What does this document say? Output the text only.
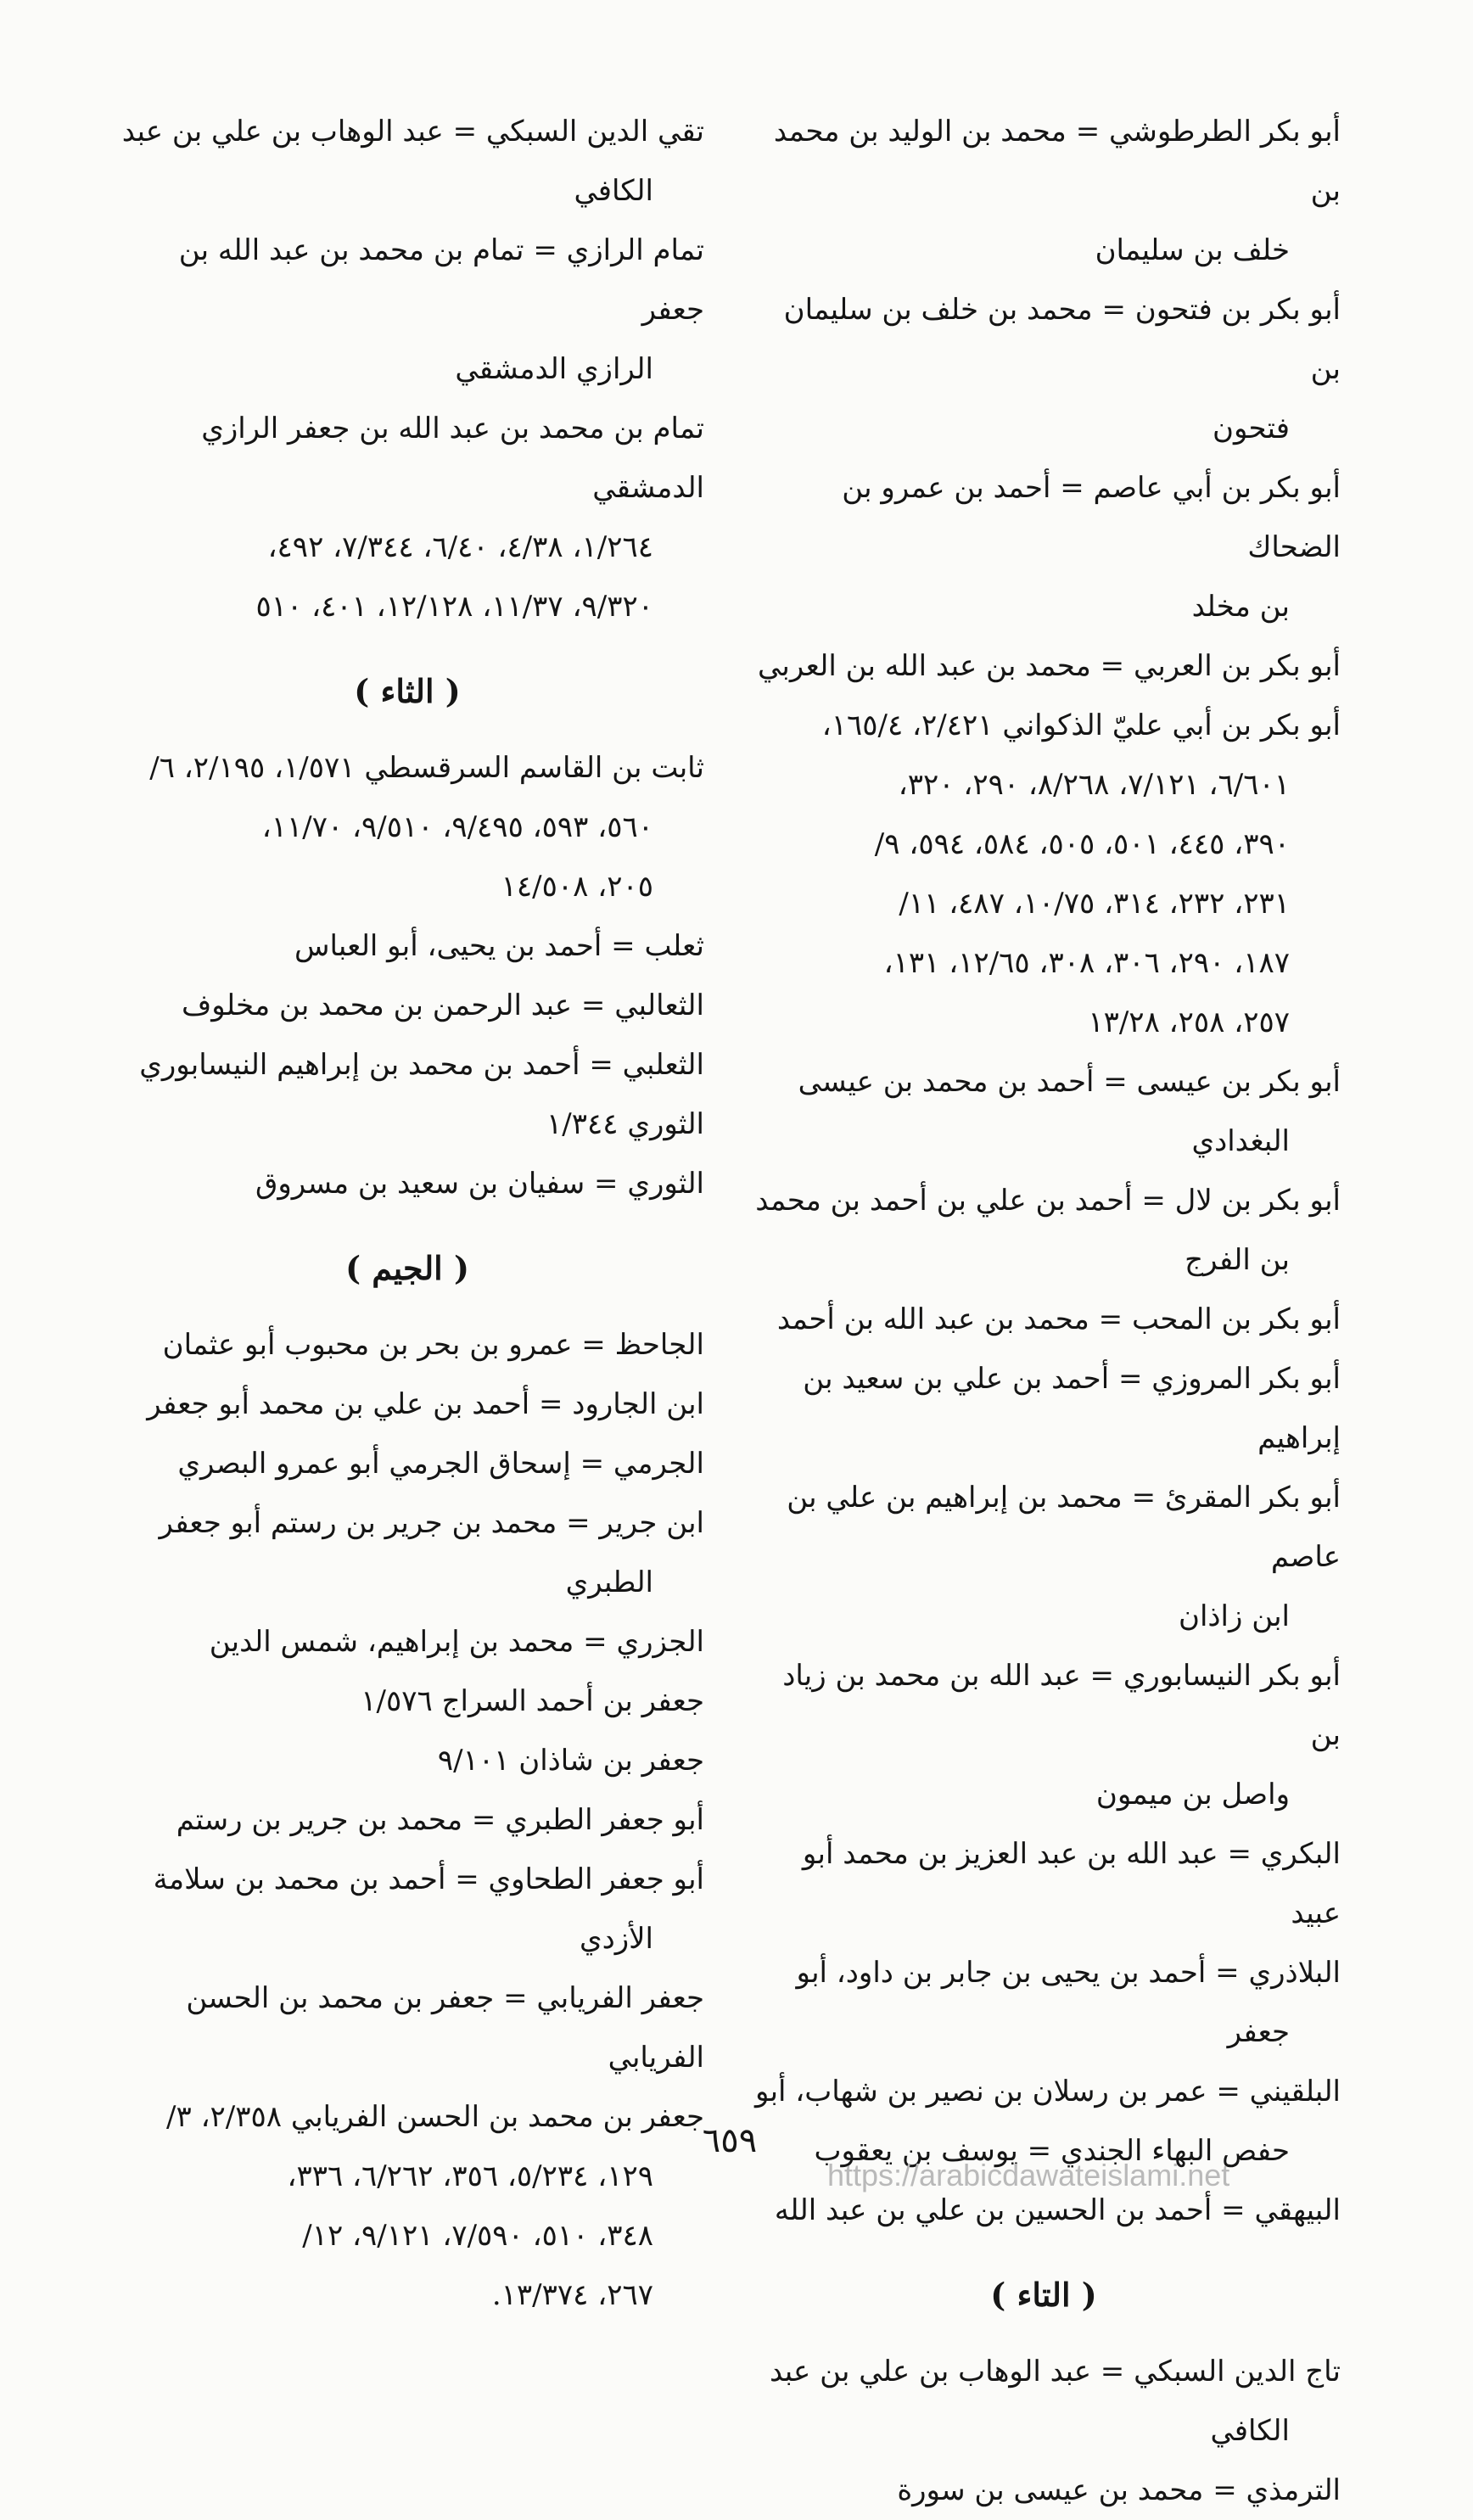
أبو بكر الطرطوشي = محمد بن الوليد بن محمد بن
خلف بن سليمان
أبو بكر بن فتحون = محمد بن خلف بن سليمان بن
فتحون
أبو بكر بن أبي عاصم = أحمد بن عمرو بن الضحاك
بن مخلد
أبو بكر بن العربي = محمد بن عبد الله بن العربي
أبو بكر بن أبي عليّ الذكواني ٢/٤٢١، ١٦٥/٤،
٦/٦٠١، ٧/١٢١، ٨/٢٦٨، ٢٩٠، ٣٢٠،
٣٩٠، ٤٤٥، ٥٠١، ٥٠٥، ٥٨٤، ٥٩٤، ٩/
٢٣١، ٢٣٢، ٣١٤، ١٠/٧٥، ٤٨٧، ١١/
١٨٧، ٢٩٠، ٣٠٦، ٣٠٨، ١٢/٦٥، ١٣١،
٢٥٧، ٢٥٨، ١٣/٢٨
أبو بكر بن عيسى = أحمد بن محمد بن عيسى
البغدادي
أبو بكر بن لال = أحمد بن علي بن أحمد بن محمد
بن الفرج
أبو بكر بن المحب = محمد بن عبد الله بن أحمد
أبو بكر المروزي = أحمد بن علي بن سعيد بن إبراهيم
أبو بكر المقرئ = محمد بن إبراهيم بن علي بن عاصم
ابن زاذان
أبو بكر النيسابوري = عبد الله بن محمد بن زياد بن
واصل بن ميمون
البكري = عبد الله بن عبد العزيز بن محمد أبو عبيد
البلاذري = أحمد بن يحيى بن جابر بن داود، أبو
جعفر
البلقيني = عمر بن رسلان بن نصير بن شهاب، أبو
حفص البهاء الجندي = يوسف بن يعقوب
البيهقي = أحمد بن الحسين بن علي بن عبد الله
( التاء )
تاج الدين السبكي = عبد الوهاب بن علي بن عبد
الكافي
الترمذي = محمد بن عيسى بن سورة
تقي الدين السبكي = عبد الوهاب بن علي بن عبد
الكافي
تمام الرازي = تمام بن محمد بن عبد الله بن جعفر
الرازي الدمشقي
تمام بن محمد بن عبد الله بن جعفر الرازي الدمشقي
١/٢٦٤، ٤/٣٨، ٦/٤٠، ٧/٣٤٤، ٤٩٢،
٩/٣٢٠، ١١/٣٧، ١٢/١٢٨، ٤٠١، ٥١٠
( الثاء )
ثابت بن القاسم السرقسطي ١/٥٧١، ٢/١٩٥، ٦/
٥٦٠، ٥٩٣، ٩/٤٩٥، ٩/٥١٠، ١١/٧٠،
٢٠٥، ١٤/٥٠٨
ثعلب = أحمد بن يحيى، أبو العباس
الثعالبي = عبد الرحمن بن محمد بن مخلوف
الثعلبي = أحمد بن محمد بن إبراهيم النيسابوري
الثوري ١/٣٤٤
الثوري = سفيان بن سعيد بن مسروق
( الجيم )
الجاحظ = عمرو بن بحر بن محبوب أبو عثمان
ابن الجارود = أحمد بن علي بن محمد أبو جعفر
الجرمي = إسحاق الجرمي أبو عمرو البصري
ابن جرير = محمد بن جرير بن رستم أبو جعفر
الطبري
الجزري = محمد بن إبراهيم، شمس الدين
جعفر بن أحمد السراج ١/٥٧٦
جعفر بن شاذان ٩/١٠١
أبو جعفر الطبري = محمد بن جرير بن رستم
أبو جعفر الطحاوي = أحمد بن محمد بن سلامة
الأزدي
جعفر الفريابي = جعفر بن محمد بن الحسن الفريابي
جعفر بن محمد بن الحسن الفريابي ٢/٣٥٨، ٣/
١٢٩، ٥/٢٣٤، ٣٥٦، ٦/٢٦٢، ٣٣٦،
٣٤٨، ٥١٠، ٧/٥٩٠، ٩/١٢١، ١٢/
٢٦٧، ١٣/٣٧٤.
٦٥٩
https://arabicdawateislami.net
